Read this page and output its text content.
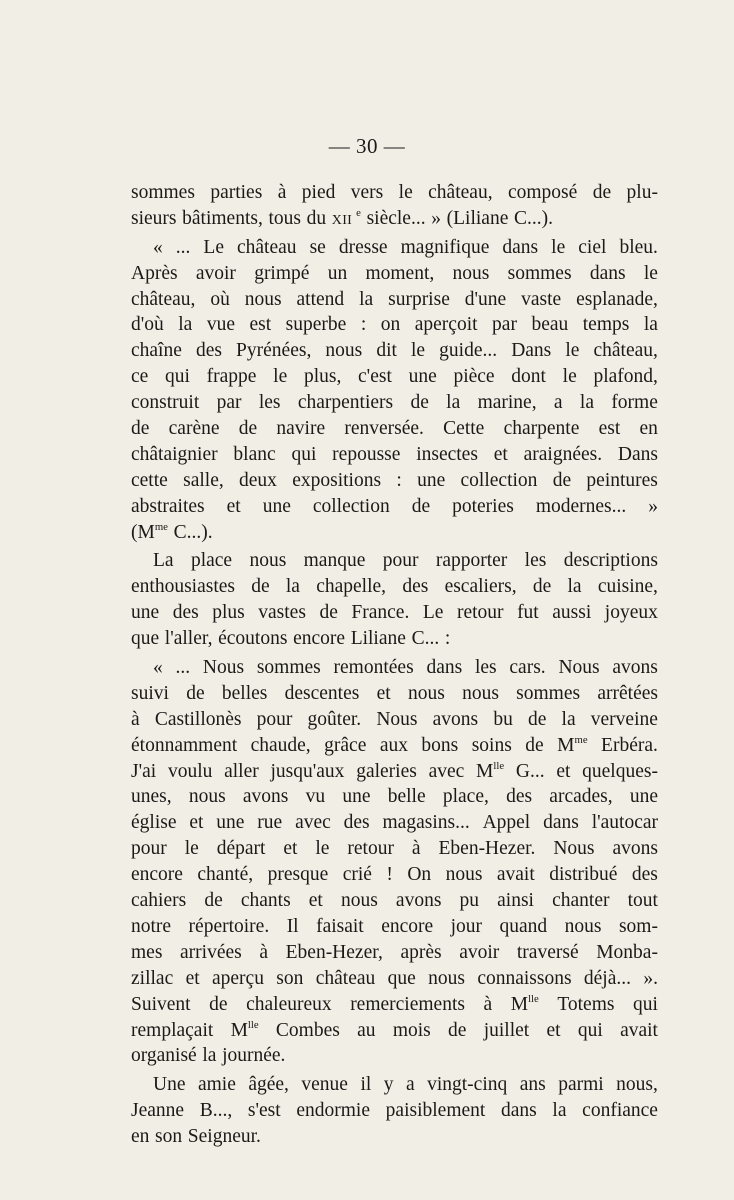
— 30 —
sommes parties à pied vers le château, composé de plu-
sieurs bâtiments, tous du XII $^e$ siècle... » (Liliane C...).
« ... Le château se dresse magnifique dans le ciel bleu.
Après avoir grimpé un moment, nous sommes dans le
château, où nous attend la surprise d'une vaste esplanade,
d'où la vue est superbe : on aperçoit par beau temps la
chaîne des Pyrénées, nous dit le guide... Dans le château,
ce qui frappe le plus, c'est une pièce dont le plafond,
construit par les charpentiers de la marine, a la forme
de carène de navire renversée. Cette charpente est en
châtaignier blanc qui repousse insectes et araignées. Dans
cette salle, deux expositions : une collection de peintures
abstraites et une collection de poteries modernes... »
($M^{me}$ C...).
La place nous manque pour rapporter les descriptions
enthousiastes de la chapelle, des escaliers, de la cuisine,
une des plus vastes de France. Le retour fut aussi joyeux
que l'aller, écoutons encore Liliane C... :
« ... Nous sommes remontées dans les cars. Nous avons
suivi de belles descentes et nous nous sommes arrêtées
à Castillonès pour goûter. Nous avons bu de la verveine
étonnamment chaude, grâce aux bons soins de $M^{me}$ Erbéra.
J'ai voulu aller jusqu'aux galeries avec $M^{lle}$ G... et quelques-
unes, nous avons vu une belle place, des arcades, une
église et une rue avec des magasins... Appel dans l'autocar
pour le départ et le retour à Eben-Hezer. Nous avons
encore chanté, presque crié ! On nous avait distribué des
cahiers de chants et nous avons pu ainsi chanter tout
notre répertoire. Il faisait encore jour quand nous som-
mes arrivées à Eben-Hezer, après avoir traversé Monba-
zillac et aperçu son château que nous connaissons déjà... ».
Suivent de chaleureux remerciements à $M^{lle}$ Totems qui
remplaçait $M^{lle}$ Combes au mois de juillet et qui avait
organisé la journée.
Une amie âgée, venue il y a vingt-cinq ans parmi nous,
Jeanne B..., s'est endormie paisiblement dans la confiance
en son Seigneur.
